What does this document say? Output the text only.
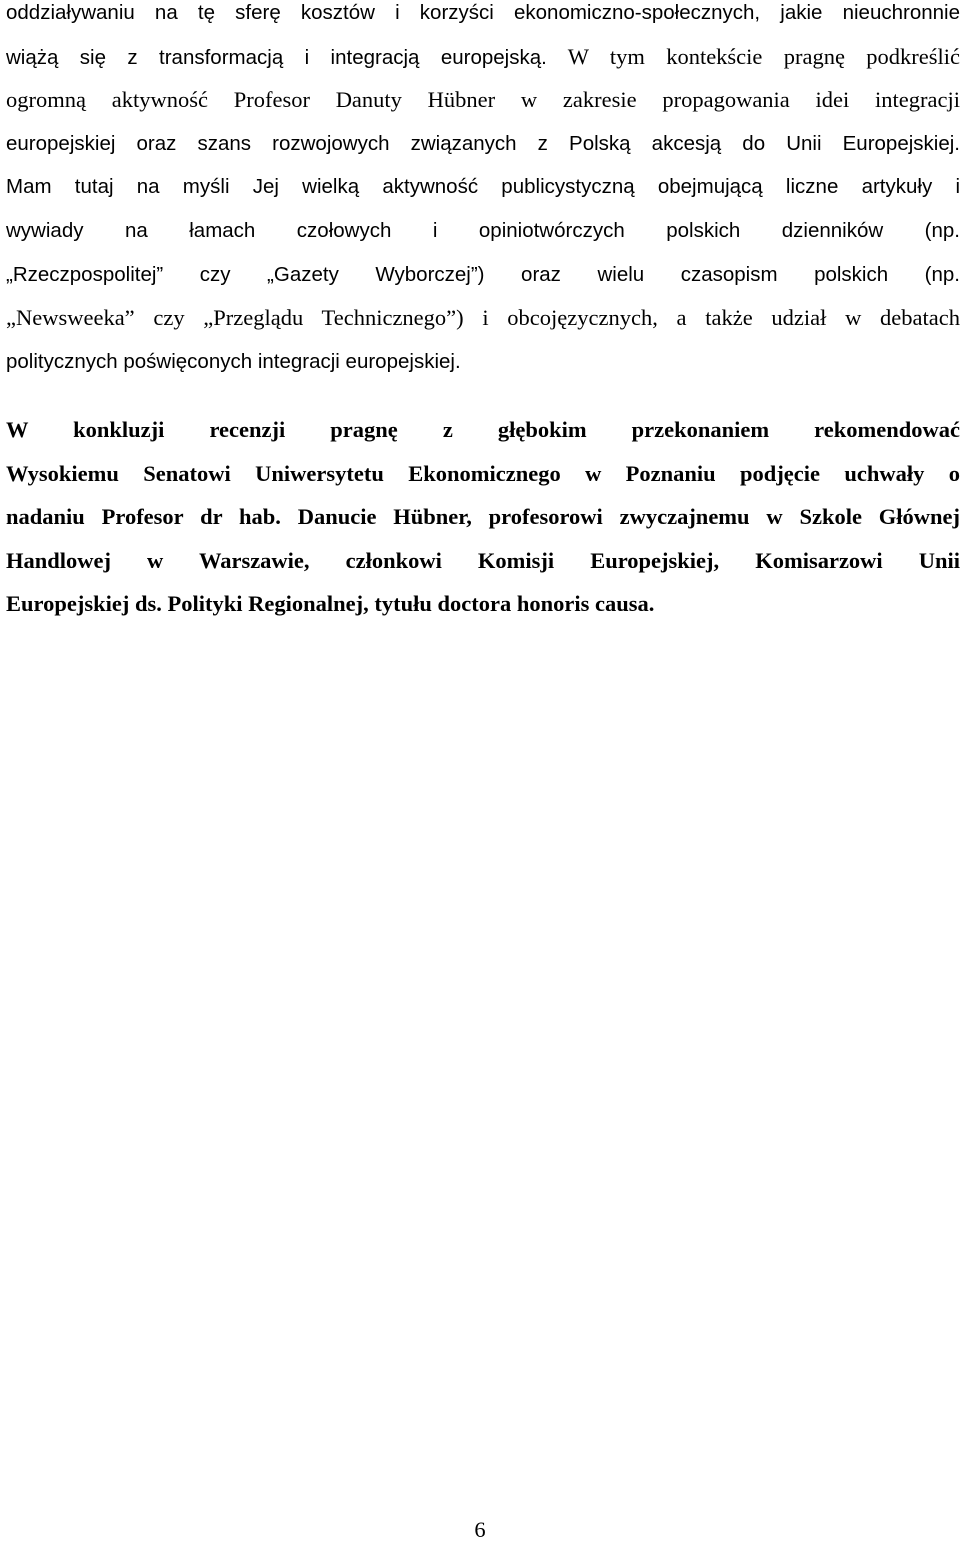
oddziaływaniu na tę sferę kosztów i korzyści ekonomiczno-społecznych, jakie nieuchronnie
wiążą się z transformacją i integracją europejską. W tym kontekście pragnę podkreślić
ogromną aktywność Profesor Danuty Hübner w zakresie propagowania idei integracji
europejskiej oraz szans rozwojowych związanych z Polską akcesją do Unii Europejskiej.
Mam tutaj na myśli Jej wielką aktywność publicystyczną obejmującą liczne artykuły i
wywiady na łamach czołowych i opiniotwórczych polskich dzienników (np.
„Rzeczpospolitej” czy „Gazety Wyborczej”) oraz wielu czasopism polskich (np.
„Newsweeka” czy „Przeglądu Technicznego”) i obcojęzycznych, a także udział w debatach
politycznych poświęconych integracji europejskiej.
W konkluzji recenzji pragnę z głębokim przekonaniem rekomendować
Wysokiemu Senatowi Uniwersytetu Ekonomicznego w Poznaniu podjęcie uchwały o
nadaniu Profesor dr hab. Danucie Hübner, profesorowi zwyczajnemu w Szkole Głównej
Handlowej w Warszawie, członkowi Komisji Europejskiej, Komisarzowi Unii
Europejskiej ds. Polityki Regionalnej, tytułu doctora honoris causa.
6
